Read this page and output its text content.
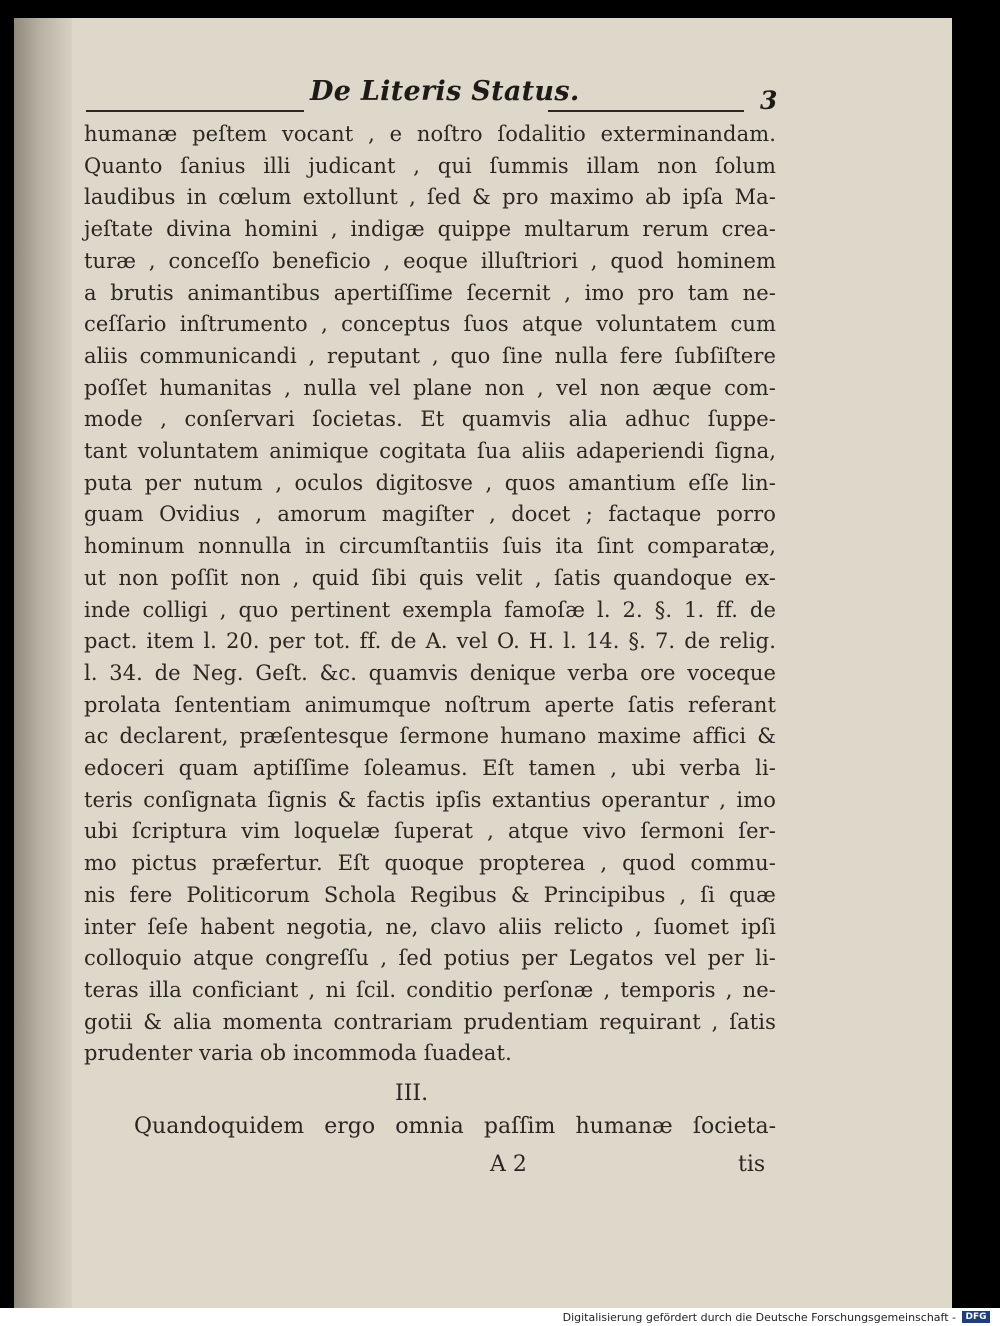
De Literis Status.	3
humanæ peſtem vocant , e noſtro ſodalitio exterminandam.
Quanto ſanius illi judicant , qui ſummis illam non ſolum
laudibus in cœlum extollunt , ſed & pro maximo ab ipſa Ma-
jeſtate divina homini , indigæ quippe multarum rerum crea-
turæ , conceſſo beneficio , eoque illuſtriori , quod hominem
a brutis animantibus apertiſſime ſecernit , imo pro tam ne-
ceſſario inſtrumento , conceptus ſuos atque voluntatem cum
aliis communicandi , reputant , quo ſine nulla fere ſubſiſtere
poſſet humanitas , nulla vel plane non , vel non æque com-
mode , conſervari ſocietas. Et quamvis alia adhuc ſuppe-
tant voluntatem animique cogitata ſua aliis adaperiendi ſigna,
puta per nutum , oculos digitosve , quos amantium eſſe lin-
guam Ovidius , amorum magiſter , docet ; factaque porro
hominum nonnulla in circumſtantiis ſuis ita ſint comparatæ,
ut non poſſit non , quid ſibi quis velit , ſatis quandoque ex-
inde colligi , quo pertinent exempla famoſæ l. 2. §. 1. ff. de
pact. item l. 20. per tot. ff. de A. vel O. H. l. 14. §. 7. de relig.
l. 34. de Neg. Geſt. &c. quamvis denique verba ore voceque
prolata ſententiam animumque noſtrum aperte ſatis referant
ac declarent, præſentesque ſermone humano maxime affici &
edoceri quam aptiſſime ſoleamus. Eſt tamen , ubi verba li-
teris conſignata ſignis & factis ipſis extantius operantur , imo
ubi ſcriptura vim loquelæ ſuperat , atque vivo ſermoni ſer-
mo pictus præfertur. Eſt quoque propterea , quod commu-
nis fere Politicorum Schola Regibus & Principibus , ſi quæ
inter ſeſe habent negotia, ne, clavo aliis relicto , ſuomet ipſi
colloquio atque congreſſu , ſed potius per Legatos vel per li-
teras illa conficiant , ni ſcil. conditio perſonæ , temporis , ne-
gotii & alia momenta contrariam prudentiam requirant , ſatis
prudenter varia ob incommoda ſuadeat.
III.
Quandoquidem ergo omnia paſſim humanæ ſocieta-
A 2	tis
Digitalisierung gefördert durch die Deutsche Forschungsgemeinschaft -	DFG
